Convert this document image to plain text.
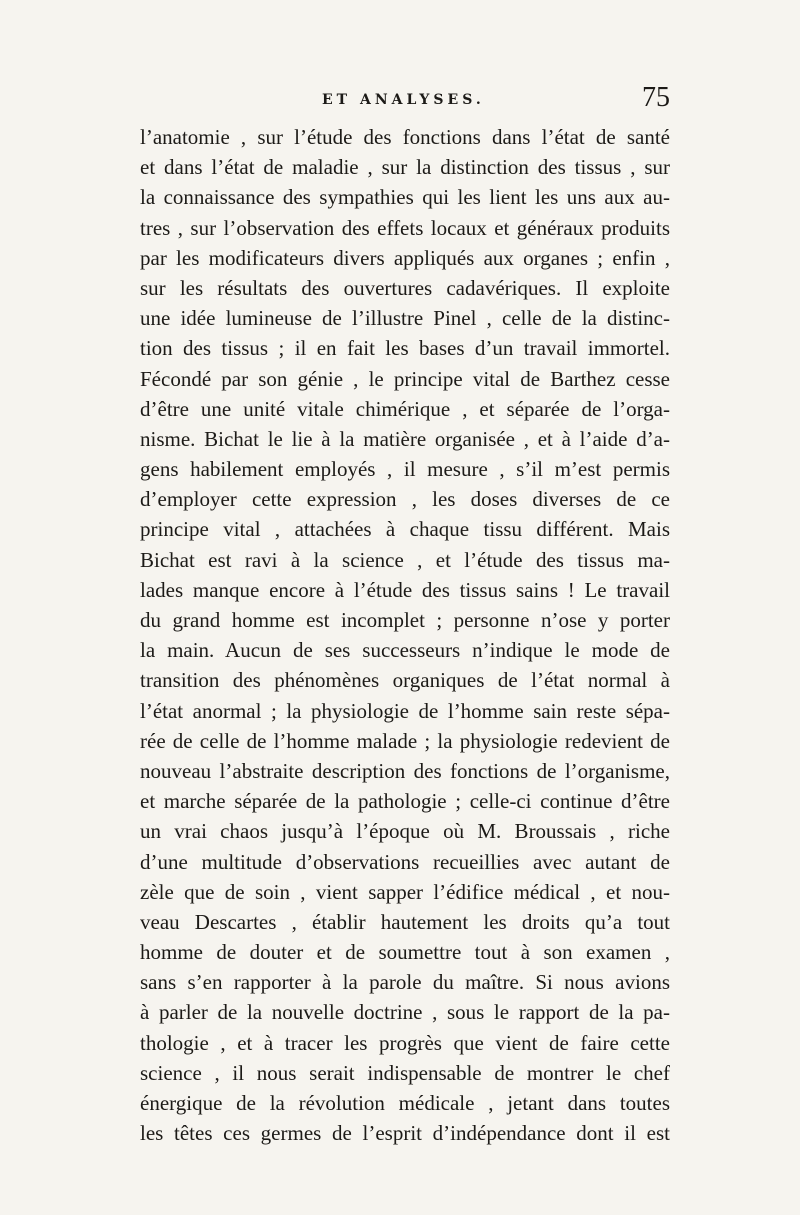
ET ANALYSES.	75
l’anatomie , sur l’étude des fonctions dans l’état de santé
et dans l’état de maladie , sur la distinction des tissus , sur
la connaissance des sympathies qui les lient les uns aux au-
tres , sur l’observation des effets locaux et généraux produits
par les modificateurs divers appliqués aux organes ; enfin ,
sur les résultats des ouvertures cadavériques. Il exploite
une idée lumineuse de l’illustre Pinel , celle de la distinc-
tion des tissus ; il en fait les bases d’un travail immortel.
Fécondé par son génie , le principe vital de Barthez cesse
d’être une unité vitale chimérique , et séparée de l’orga-
nisme. Bichat le lie à la matière organisée , et à l’aide d’a-
gens habilement employés , il mesure , s’il m’est permis
d’employer cette expression , les doses diverses de ce
principe vital , attachées à chaque tissu différent. Mais
Bichat est ravi à la science , et l’étude des tissus ma-
lades manque encore à l’étude des tissus sains ! Le travail
du grand homme est incomplet ; personne n’ose y porter
la main. Aucun de ses successeurs n’indique le mode de
transition des phénomènes organiques de l’état normal à
l’état anormal ; la physiologie de l’homme sain reste sépa-
rée de celle de l’homme malade ; la physiologie redevient de
nouveau l’abstraite description des fonctions de l’organisme,
et marche séparée de la pathologie ; celle-ci continue d’être
un vrai chaos jusqu’à l’époque où M. Broussais , riche
d’une multitude d’observations recueillies avec autant de
zèle que de soin , vient sapper l’édifice médical , et nou-
veau Descartes , établir hautement les droits qu’a tout
homme de douter et de soumettre tout à son examen ,
sans s’en rapporter à la parole du maître. Si nous avions
à parler de la nouvelle doctrine , sous le rapport de la pa-
thologie , et à tracer les progrès que vient de faire cette
science , il nous serait indispensable de montrer le chef
énergique de la révolution médicale , jetant dans toutes
les têtes ces germes de l’esprit d’indépendance dont il est
